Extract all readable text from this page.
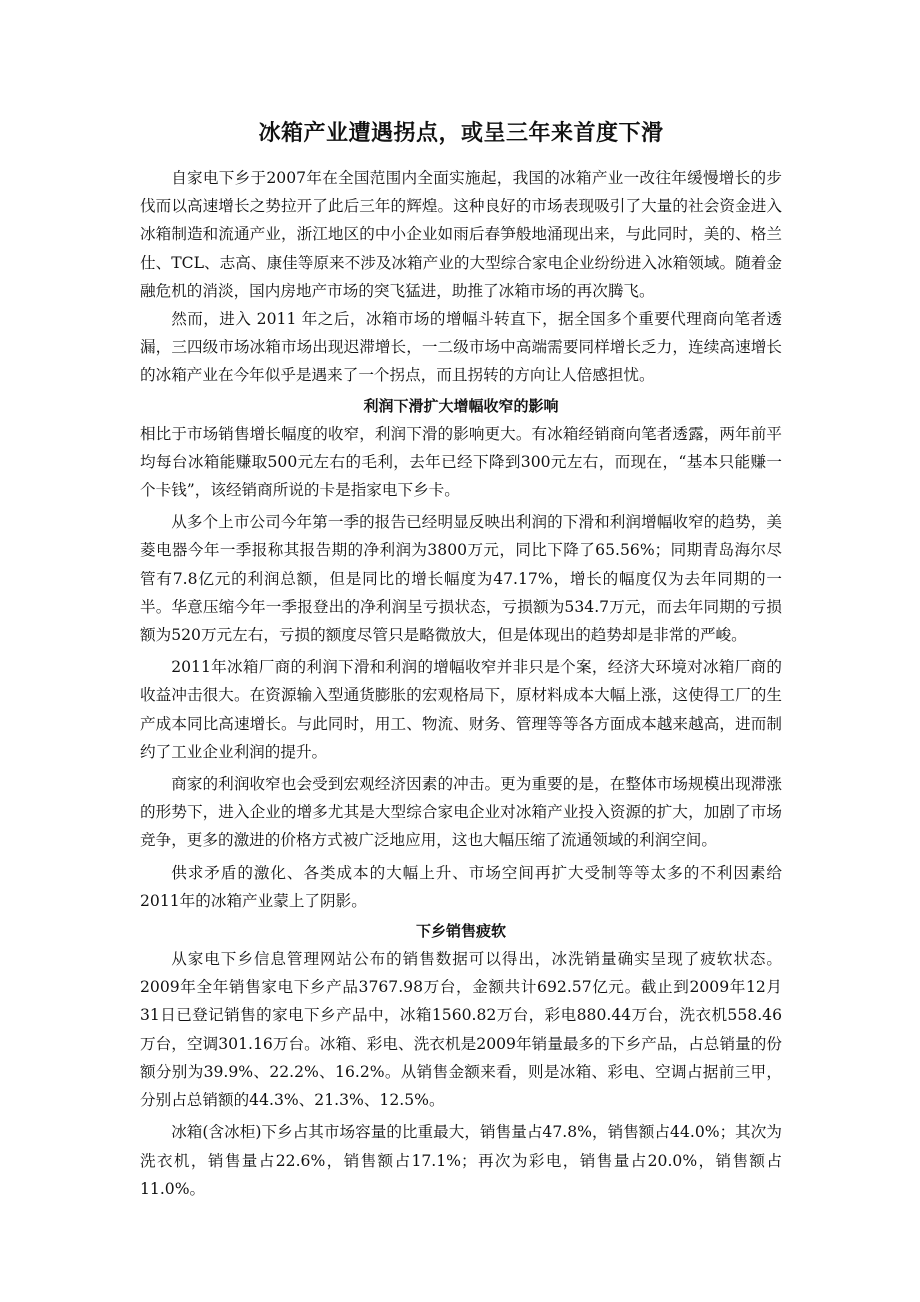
冰箱产业遭遇拐点，或呈三年来首度下滑

自家电下乡于2007年在全国范围内全面实施起，我国的冰箱产业一改往年缓慢增长的步伐而以高速增长之势拉开了此后三年的辉煌。这种良好的市场表现吸引了大量的社会资金进入冰箱制造和流通产业，浙江地区的中小企业如雨后春笋般地涌现出来，与此同时，美的、格兰仕、TCL、志高、康佳等原来不涉及冰箱产业的大型综合家电企业纷纷进入冰箱领域。随着金融危机的消淡，国内房地产市场的突飞猛进，助推了冰箱市场的再次腾飞。

然而，进入 2011 年之后，冰箱市场的增幅斗转直下，据全国多个重要代理商向笔者透漏，三四级市场冰箱市场出现迟滞增长，一二级市场中高端需要同样增长乏力，连续高速增长的冰箱产业在今年似乎是遇来了一个拐点，而且拐转的方向让人倍感担忧。

利润下滑扩大增幅收窄的影响

相比于市场销售增长幅度的收窄，利润下滑的影响更大。有冰箱经销商向笔者透露，两年前平均每台冰箱能赚取500元左右的毛利，去年已经下降到300元左右，而现在，“基本只能赚一个卡钱”，该经销商所说的卡是指家电下乡卡。

从多个上市公司今年第一季的报告已经明显反映出利润的下滑和利润增幅收窄的趋势，美菱电器今年一季报称其报告期的净利润为3800万元，同比下降了65.56%；同期青岛海尔尽管有7.8亿元的利润总额，但是同比的增长幅度为47.17%，增长的幅度仅为去年同期的一半。华意压缩今年一季报登出的净利润呈亏损状态，亏损额为534.7万元，而去年同期的亏损额为520万元左右，亏损的额度尽管只是略微放大，但是体现出的趋势却是非常的严峻。

2011年冰箱厂商的利润下滑和利润的增幅收窄并非只是个案，经济大环境对冰箱厂商的收益冲击很大。在资源输入型通货膨胀的宏观格局下，原材料成本大幅上涨，这使得工厂的生产成本同比高速增长。与此同时，用工、物流、财务、管理等等各方面成本越来越高，进而制约了工业企业利润的提升。

商家的利润收窄也会受到宏观经济因素的冲击。更为重要的是，在整体市场规模出现滞涨的形势下，进入企业的增多尤其是大型综合家电企业对冰箱产业投入资源的扩大，加剧了市场竞争，更多的激进的价格方式被广泛地应用，这也大幅压缩了流通领域的利润空间。

供求矛盾的激化、各类成本的大幅上升、市场空间再扩大受制等等太多的不利因素给2011年的冰箱产业蒙上了阴影。

下乡销售疲软

从家电下乡信息管理网站公布的销售数据可以得出，冰洗销量确实呈现了疲软状态。2009年全年销售家电下乡产品3767.98万台，金额共计692.57亿元。截止到2009年12月31日已登记销售的家电下乡产品中，冰箱1560.82万台，彩电880.44万台，洗衣机558.46万台，空调301.16万台。冰箱、彩电、洗衣机是2009年销量最多的下乡产品，占总销量的份额分别为39.9%、22.2%、16.2%。从销售金额来看，则是冰箱、彩电、空调占据前三甲，分别占总销额的44.3%、21.3%、12.5%。

冰箱(含冰柜)下乡占其市场容量的比重最大，销售量占47.8%，销售额占44.0%；其次为洗衣机，销售量占22.6%，销售额占17.1%；再次为彩电，销售量占20.0%，销售额占11.0%。
